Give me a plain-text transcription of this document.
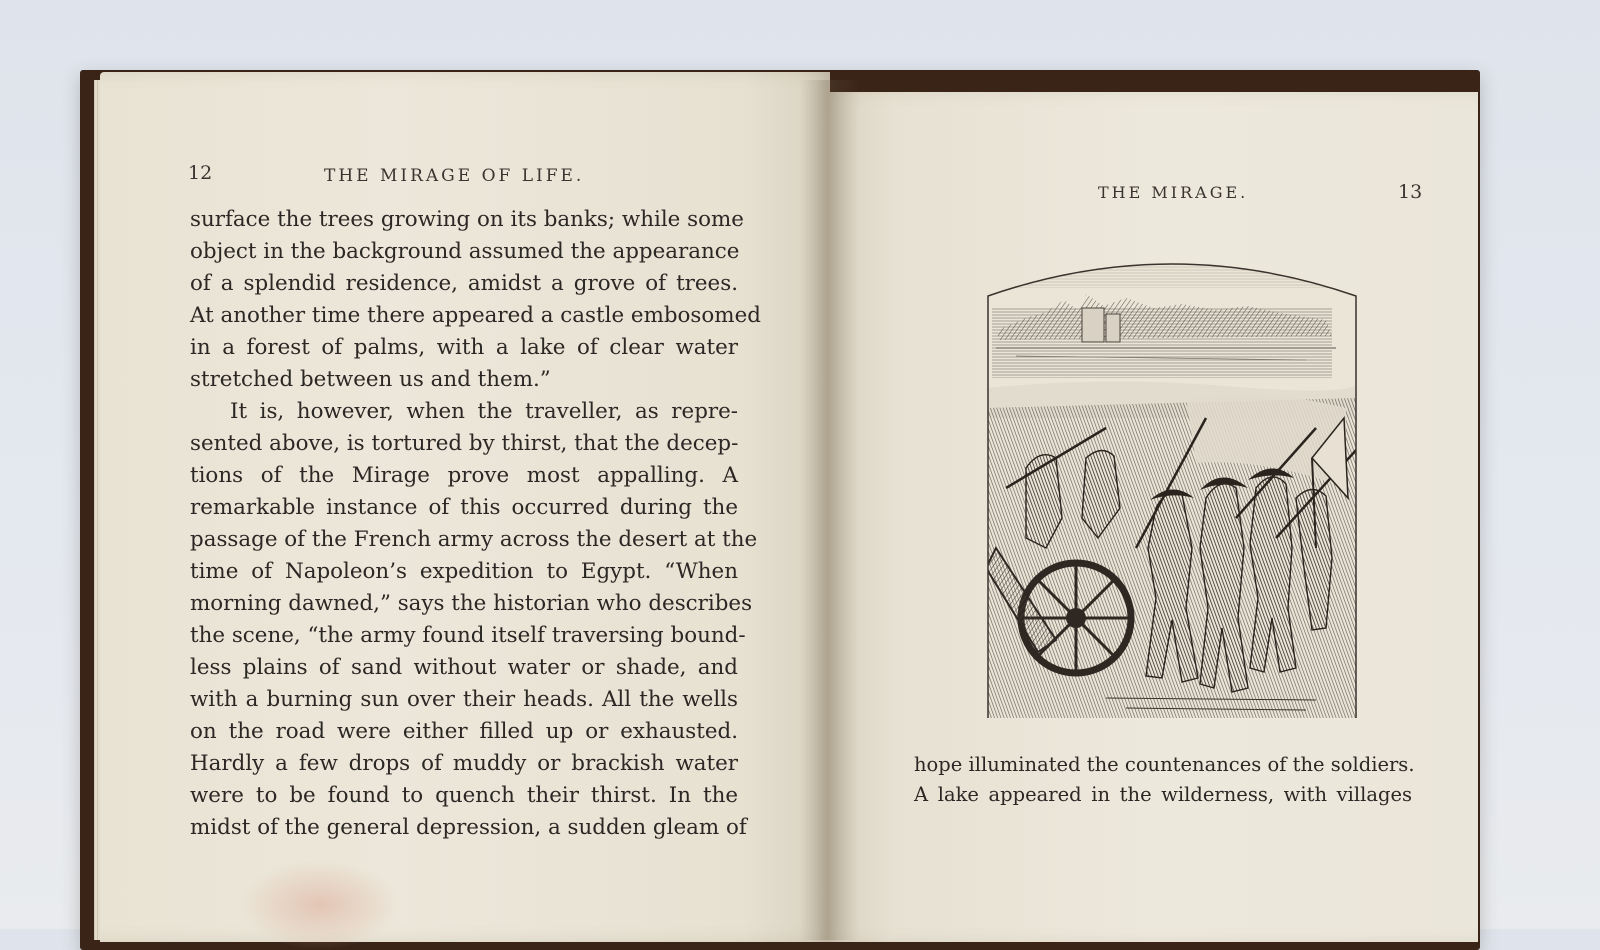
12	THE MIRAGE OF LIFE.
surface the trees growing on its banks; while some
object in the background assumed the appearance
of a splendid residence, amidst a grove of trees.
At another time there appeared a castle embosomed
in a forest of palms, with a lake of clear water
stretched between us and them.”
It is, however, when the traveller, as repre-
sented above, is tortured by thirst, that the decep-
tions of the Mirage prove most appalling. A
remarkable instance of this occurred during the
passage of the French army across the desert at the
time of Napoleon’s expedition to Egypt. “When
morning dawned,” says the historian who describes
the scene, “the army found itself traversing bound-
less plains of sand without water or shade, and
with a burning sun over their heads. All the wells
on the road were either filled up or exhausted.
Hardly a few drops of muddy or brackish water
were to be found to quench their thirst. In the
midst of the general depression, a sudden gleam of
THE MIRAGE.	13
hope illuminated the countenances of the soldiers.
A lake appeared in the wilderness, with villages
